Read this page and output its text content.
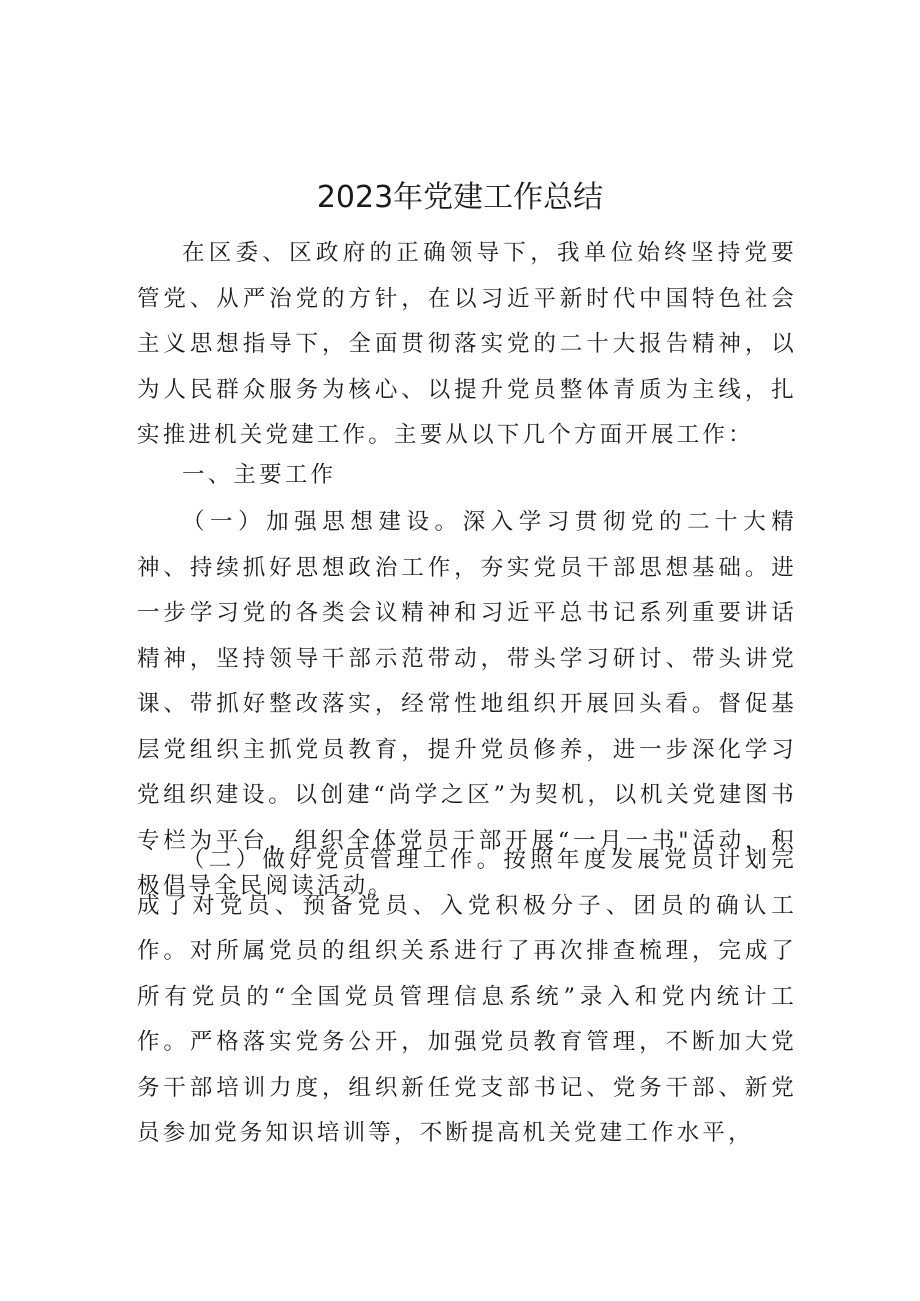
2023年党建工作总结

在区委、区政府的正确领导下，我单位始终坚持党要管党、从严治党的方针，在以习近平新时代中国特色社会主义思想指导下，全面贯彻落实党的二十大报告精神，以为人民群众服务为核心、以提升党员整体青质为主线，扎实推进机关党建工作。主要从以下几个方面开展工作：

一、主要工作

（一）加强思想建设。深入学习贯彻党的二十大精神、持续抓好思想政治工作，夯实党员干部思想基础。进一步学习党的各类会议精神和习近平总书记系列重要讲话精神，坚持领导干部示范带动，带头学习研讨、带头讲党课、带抓好整改落实，经常性地组织开展回头看。督促基层党组织主抓党员教育，提升党员修养，进一步深化学习党组织建设。以创建“尚学之区”为契机，以机关党建图书专栏为平台，组织全体党员干部开展“一月一书"活动，积极倡导全民阅读活动。

（二）做好党员管理工作。按照年度发展党员计划完成了对党员、预备党员、入党积极分子、团员的确认工作。对所属党员的组织关系进行了再次排查梳理，完成了所有党员的“全国党员管理信息系统”录入和党内统计工作。严格落实党务公开，加强党员教育管理，不断加大党务干部培训力度，组织新任党支部书记、党务干部、新党员参加党务知识培训等，不断提高机关党建工作水平，
